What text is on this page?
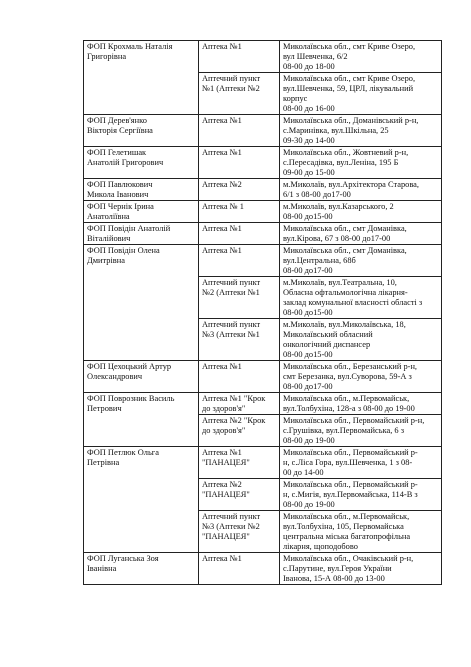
ФОП Крохмаль Наталія
Григорівна	Аптека №1	Миколаївська обл., смт Криве Озеро,
вул Шевченка, 6/2
08-00 до 18-00
	Аптечний пункт
№1 (Аптеки №2	Миколаївська обл., смт Криве Озеро,
вул.Шевченка, 59, ЦРЛ, лікувальний
корпус
08-00 до 16-00
ФОП Дерев'янко
Вікторія Сергіївна	Аптека №1	Миколаївська обл., Доманівський р-н,
с.Маринівка, вул.Шкільна, 25
09-30 до 14-00
ФОП Гелетишак
Анатолій Григорович	Аптека №1	Миколаївська обл., Жовтневий р-н,
с.Пересадівка, вул.Леніна, 195 Б
09-00 до 15-00
ФОП Павлюкович
Микола Іванович	Аптека №2	м.Миколаїв, вул.Архітектора Старова,
6/1 з 08-00 до17-00
ФОП Чернік Ірина
Анатоліївна	Аптека № 1	м.Миколаїв, вул.Казарського, 2
08-00 до15-00
ФОП Повідін Анатолій
Віталійович	Аптека №1	Миколаївська обл., смт Доманівка,
вул.Кірова, 67 з 08-00 до17-00
ФОП Повідін Олена
Дмитрівна	Аптека №1	Миколаївська обл., смт Доманівка,
вул.Центральна, 68б
08-00 до17-00
	Аптечний пункт
№2 (Аптеки №1	м.Миколаїв, вул.Театральна, 10,
Обласна офтальмологічна лікарня-
заклад комунальної власності області з
08-00 до15-00
	Аптечний пункт
№3 (Аптеки №1	м.Миколаїв, вул.Миколаївська, 18,
Миколаївський обласний
онкологічний диспансер
08-00 до15-00
ФОП Цехоцький Артур
Олександрович	Аптека №1	Миколаївська обл., Березанський р-н,
смт Березанка, вул.Суворова, 59-А з
08-00 до17-00
ФОП Поврозник Василь
Петрович	Аптека №1 "Крок
до здоров'я"	Миколаївська обл., м.Первомайськ,
вул.Толбухіна, 128-а з 08-00 до 19-00
	Аптека №2 "Крок
до здоров'я"	Миколаївська обл., Первомайський р-н,
с.Грушівка, вул.Первомайська, 6 з
08-00 до 19-00
ФОП Петлюк Ольга
Петрівна	Аптека №1
"ПАНАЦЕЯ"	Миколаївська обл., Первомайський р-
н, с.Ліса Гора, вул.Шевченка, 1 з 08-
00 до 14-00
	Аптека №2
"ПАНАЦЕЯ"	Миколаївська обл., Первомайський р-
н, с.Мигія, вул.Первомайська, 114-В з
08-00 до 19-00
	Аптечний пункт
№3 (Аптеки №2
"ПАНАЦЕЯ"	Миколаївська обл., м.Первомайськ,
вул.Толбухіна, 105, Первомайська
центральна міська багатопрофільна
лікарня, щоподобово
ФОП Луганська Зоя
Іванівна	Аптека №1	Миколаївська обл., Очаківський р-н,
с.Парутине, вул.Героя України
Іванова, 15-А 08-00 до 13-00
